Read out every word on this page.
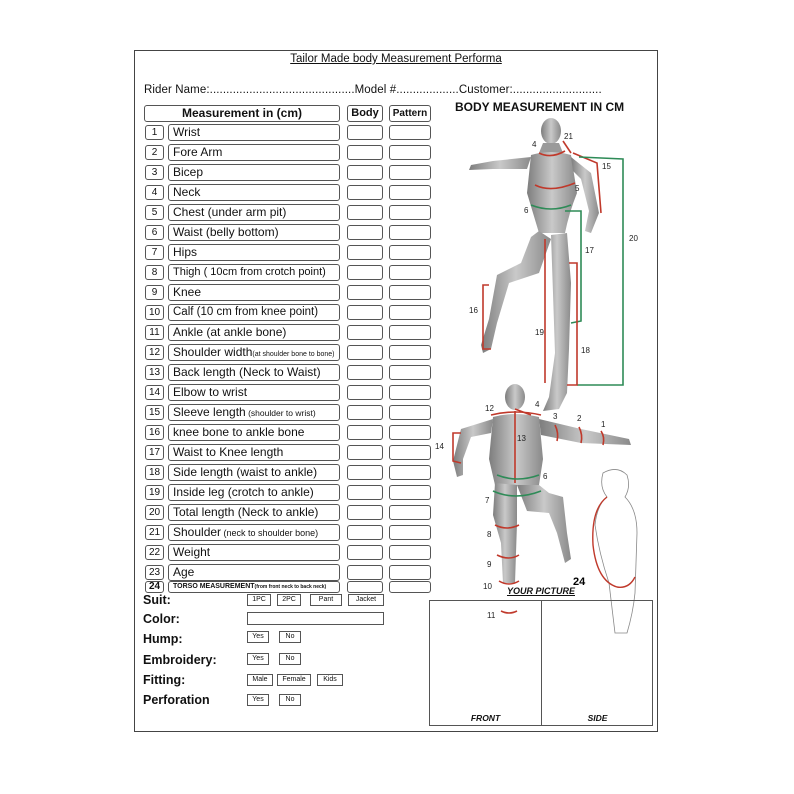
Tailor Made body Measurement Performa
Rider Name:............................................Model #...................Customer:...........................
Measurement in (cm)	Body	Pattern	BODY MEASUREMENT IN CM
1	Wrist
2	Fore Arm
3	Bicep
4	Neck
5	Chest (under arm pit)
6	Waist (belly bottom)
7	Hips
8	Thigh ( 10cm from crotch point)
9	Knee
10	Calf (10 cm from knee point)
11	Ankle (at ankle bone)
12	Shoulder width(at shoulder bone to bone)
13	Back length (Neck to Waist)
14	Elbow to wrist
15	Sleeve length (shoulder to wrist)
16	knee bone to ankle bone
17	Waist to Knee length
18	Side length (waist to ankle)
19	Inside leg (crotch to ankle)
20	Total length (Neck to ankle)
21	Shoulder (neck to shoulder bone)
22	Weight
23	Age
24	TORSO MEASUREMENT(from front neck to back neck)
Suit:	1PC	2PC	Pant	Jacket
Color:
Hump:	Yes	No
Embroidery:	Yes	No
Fitting:	Male	Female	Kids
Perforation	Yes	No
21
4
15
5
6
20
16
17
19
18
12	4
3 2
1
14
13
6
7
8
9
10
11
24
YOUR PICTURE
FRONT	SIDE
